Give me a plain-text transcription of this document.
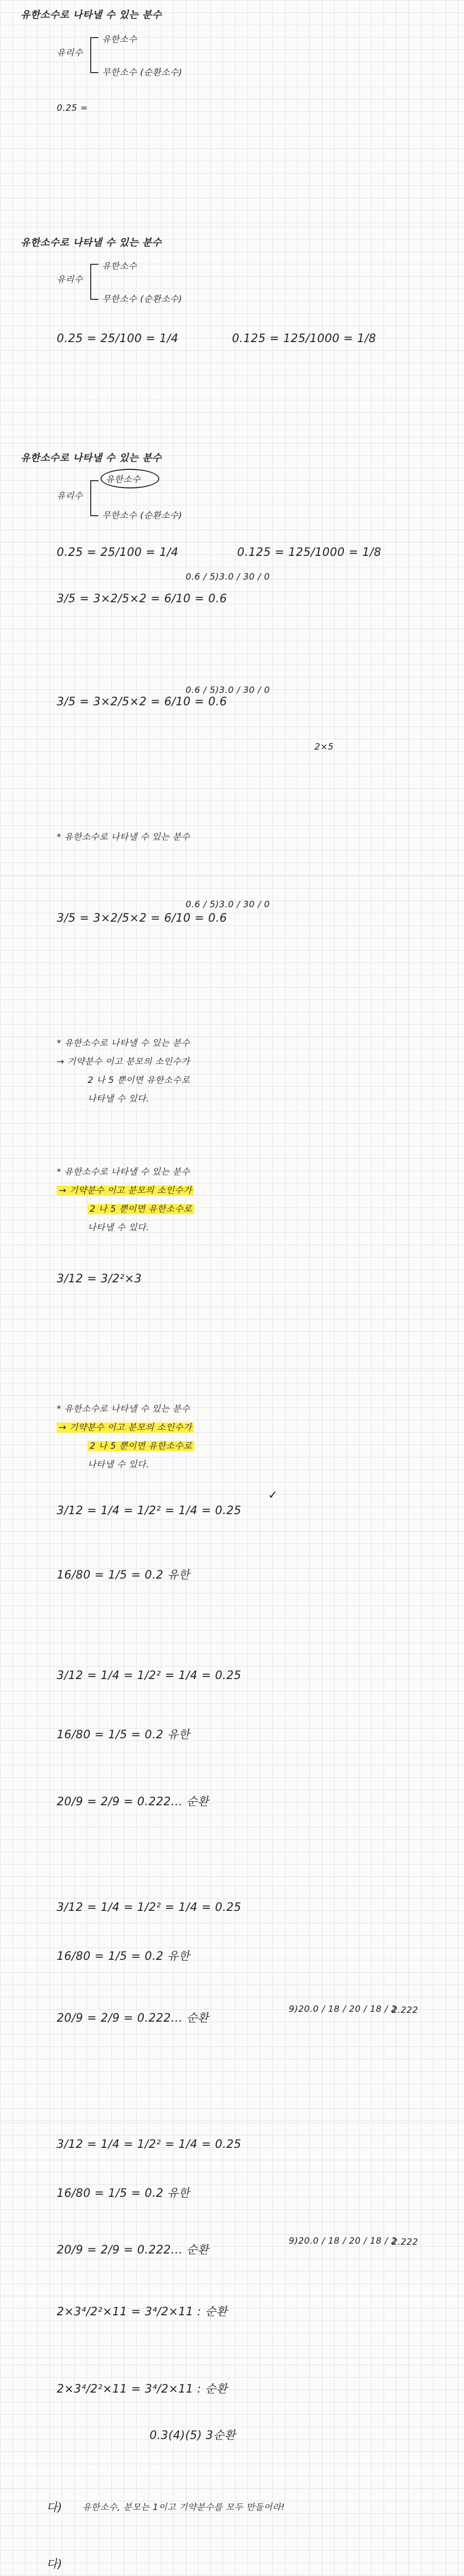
유한소수로 나타낼 수 있는 분수
유리수
유한소수
무한소수 (순환소수)
0.25 =
유한소수로 나타낼 수 있는 분수
유리수
유한소수
무한소수 (순환소수)
0.25 = 25/100 = 1/4	0.125 = 125/1000 = 1/8
유한소수로 나타낼 수 있는 분수
유리수
유한소수
무한소수 (순환소수)
0.25 = 25/100 = 1/4	0.125 = 125/1000 = 1/8
3/5 = 3×2/5×2 = 6/10 = 0.6
0.6 / 5)3.0 / 30 / 0
3/5 = 3×2/5×2 = 6/10 = 0.6
0.6 / 5)3.0 / 30 / 0
2×5
* 유한소수로 나타낼 수 있는 분수
3/5 = 3×2/5×2 = 6/10 = 0.6
0.6 / 5)3.0 / 30 / 0
* 유한소수로 나타낼 수 있는 분수
→ 기약분수 이고 분모의 소인수가
2 나 5 뿐이면 유한소수로
나타낼 수 있다.
* 유한소수로 나타낼 수 있는 분수
→ 기약분수 이고 분모의 소인수가
2 나 5 뿐이면 유한소수로
나타낼 수 있다.
3/12 = 3/2²×3
* 유한소수로 나타낼 수 있는 분수
→ 기약분수 이고 분모의 소인수가
2 나 5 뿐이면 유한소수로
나타낼 수 있다.
3/12 = 1/4 = 1/2² = 1/4 = 0.25
✓
16/80 = 1/5 = 0.2 유한
3/12 = 1/4 = 1/2² = 1/4 = 0.25
16/80 = 1/5 = 0.2 유한
20/9 = 2/9 = 0.222... 순환
3/12 = 1/4 = 1/2² = 1/4 = 0.25
16/80 = 1/5 = 0.2 유한
20/9 = 2/9 = 0.222... 순환
9)20.0 / 18 / 20 / 18 / 2
2.222
3/12 = 1/4 = 1/2² = 1/4 = 0.25
16/80 = 1/5 = 0.2 유한
20/9 = 2/9 = 0.222... 순환
9)20.0 / 18 / 20 / 18 / 2
2.222
2×3⁴/2²×11 = 3⁴/2×11 : 순환
2×3⁴/2²×11 = 3⁴/2×11 : 순환
0.3(4)(5) 3순환
다) 유한소수, 분모는 1이고 기약분수를 모두 만들어라!
다)
